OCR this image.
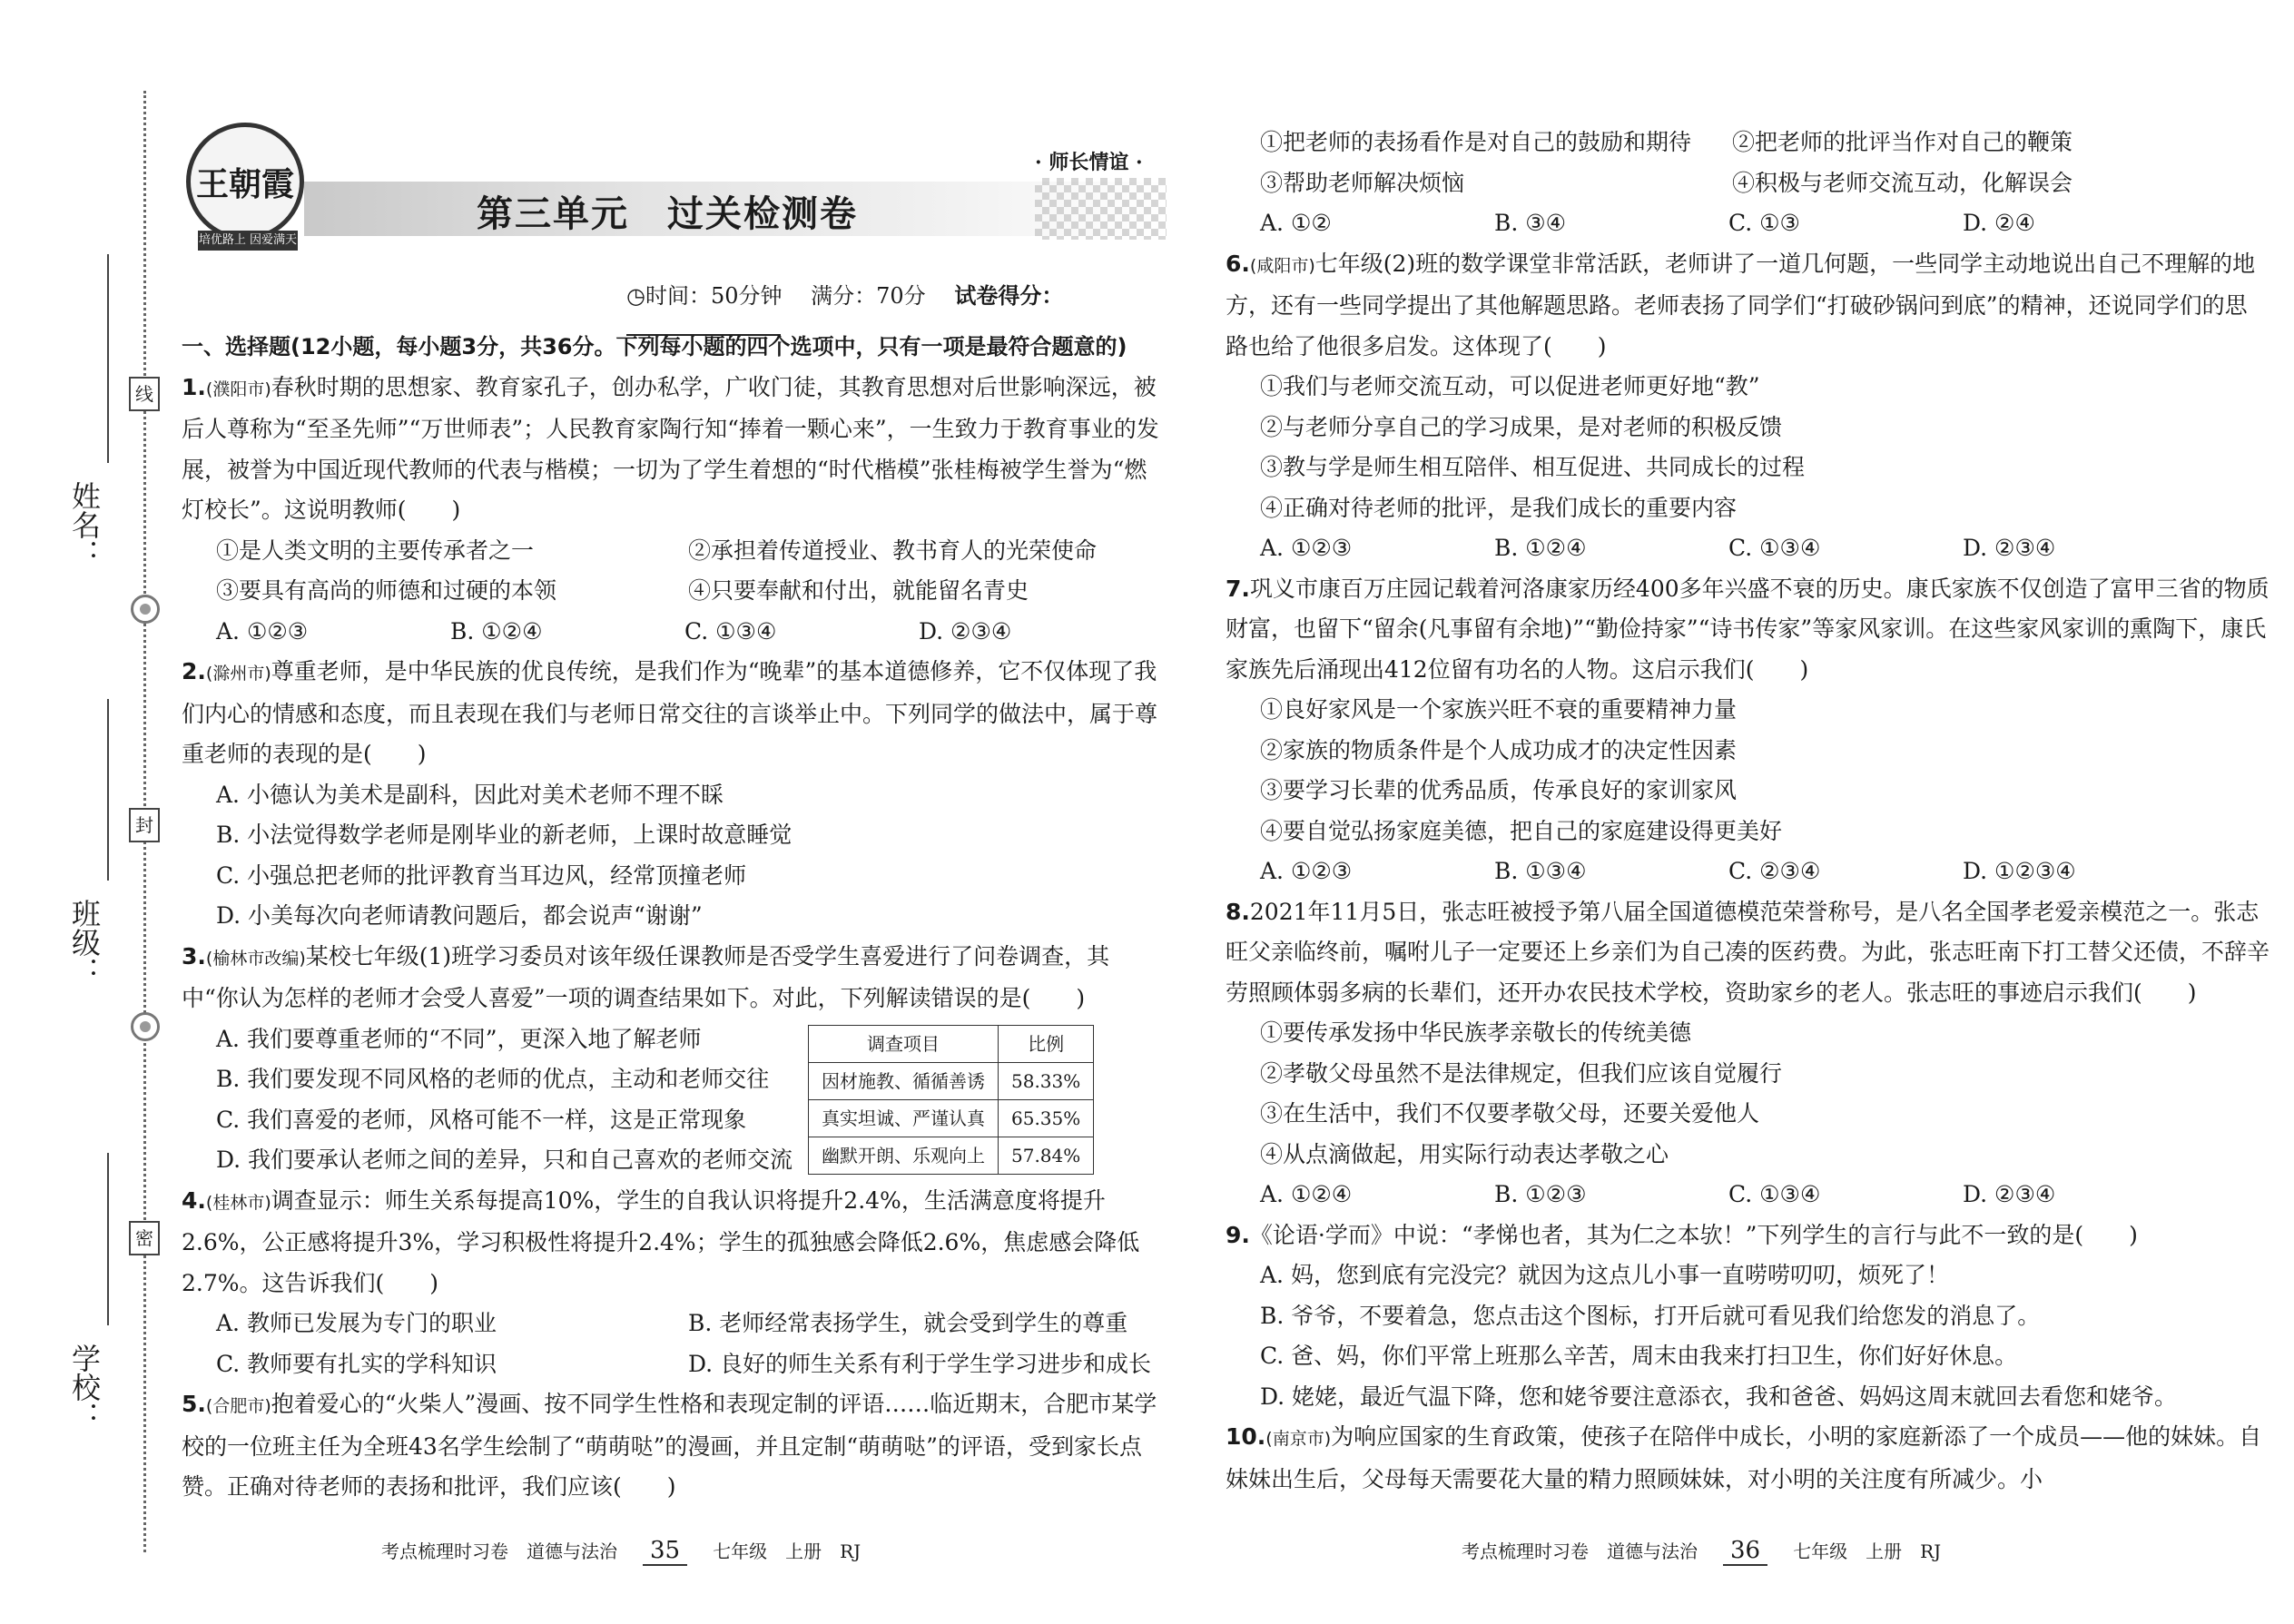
姓名：
班级：
学校：
线
封
密
王朝霞
培优路上 因爱满天
· 师长情谊 ·
第三单元　过关检测卷
◷时间：50分钟　 满分：70分　 试卷得分：

一、选择题(12小题，每小题3分，共36分。下列每小题的四个选项中，只有一项是最符合题意的)

1.(濮阳市)春秋时期的思想家、教育家孔子，创办私学，广收门徒，其教育思想对后世影响深远，被后人尊称为“至圣先师”“万世师表”；人民教育家陶行知“捧着一颗心来”，一生致力于教育事业的发展，被誉为中国近现代教师的代表与楷模；一切为了学生着想的“时代楷模”张桂梅被学生誉为“燃灯校长”。这说明教师(　　)

①是人类文明的主要传承者之一	②承担着传道授业、教书育人的光荣使命
③要具有高尚的师德和过硬的本领	④只要奉献和付出，就能留名青史
A. ①②③	B. ①②④	C. ①③④	D. ②③④

2.(滁州市)尊重老师，是中华民族的优良传统，是我们作为“晚辈”的基本道德修养，它不仅体现了我们内心的情感和态度，而且表现在我们与老师日常交往的言谈举止中。下列同学的做法中，属于尊重老师的表现的是(　　)

A. 小德认为美术是副科，因此对美术老师不理不睬

B. 小法觉得数学老师是刚毕业的新老师，上课时故意睡觉

C. 小强总把老师的批评教育当耳边风，经常顶撞老师

D. 小美每次向老师请教问题后，都会说声“谢谢”

3.(榆林市改编)某校七年级(1)班学习委员对该年级任课教师是否受学生喜爱进行了问卷调查，其中“你认为怎样的老师才会受人喜爱”一项的调查结果如下。对此，下列解读错误的是(　　)

A. 我们要尊重老师的“不同”，更深入地了解老师

B. 我们要发现不同风格的老师的优点，主动和老师交往

C. 我们喜爱的老师，风格可能不一样，这是正常现象

D. 我们要承认老师之间的差异，只和自己喜欢的老师交流

调查项目	比例
因材施教、循循善诱	58.33%
真实坦诚、严谨认真	65.35%
幽默开朗、乐观向上	57.84%

4.(桂林市)调查显示：师生关系每提高10%，学生的自我认识将提升2.4%，生活满意度将提升2.6%，公正感将提升3%，学习积极性将提升2.4%；学生的孤独感会降低2.6%，焦虑感会降低2.7%。这告诉我们(　　)

A. 教师已发展为专门的职业	B. 老师经常表扬学生，就会受到学生的尊重
C. 教师要有扎实的学科知识	D. 良好的师生关系有利于学生学习进步和成长

5.(合肥市)抱着爱心的“火柴人”漫画、按不同学生性格和表现定制的评语……临近期末，合肥市某学校的一位班主任为全班43名学生绘制了“萌萌哒”的漫画，并且定制“萌萌哒”的评语，受到家长点赞。正确对待老师的表扬和批评，我们应该(　　)

考点梳理时习卷　道德与法治 35 七年级　上册　RJ
①把老师的表扬看作是对自己的鼓励和期待	②把老师的批评当作对自己的鞭策
③帮助老师解决烦恼	④积极与老师交流互动，化解误会
A. ①②	B. ③④	C. ①③	D. ②④

6.(咸阳市)七年级(2)班的数学课堂非常活跃，老师讲了一道几何题，一些同学主动地说出自己不理解的地方，还有一些同学提出了其他解题思路。老师表扬了同学们“打破砂锅问到底”的精神，还说同学们的思路也给了他很多启发。这体现了(　　)

①我们与老师交流互动，可以促进老师更好地“教”

②与老师分享自己的学习成果，是对老师的积极反馈

③教与学是师生相互陪伴、相互促进、共同成长的过程

④正确对待老师的批评，是我们成长的重要内容

A. ①②③	B. ①②④	C. ①③④	D. ②③④

7.巩义市康百万庄园记载着河洛康家历经400多年兴盛不衰的历史。康氏家族不仅创造了富甲三省的物质财富，也留下“留余(凡事留有余地)”“勤俭持家”“诗书传家”等家风家训。在这些家风家训的熏陶下，康氏家族先后涌现出412位留有功名的人物。这启示我们(　　)

①良好家风是一个家族兴旺不衰的重要精神力量

②家族的物质条件是个人成功成才的决定性因素

③要学习长辈的优秀品质，传承良好的家训家风

④要自觉弘扬家庭美德，把自己的家庭建设得更美好

A. ①②③	B. ①③④	C. ②③④	D. ①②③④

8.2021年11月5日，张志旺被授予第八届全国道德模范荣誉称号，是八名全国孝老爱亲模范之一。张志旺父亲临终前，嘱咐儿子一定要还上乡亲们为自己凑的医药费。为此，张志旺南下打工替父还债，不辞辛劳照顾体弱多病的长辈们，还开办农民技术学校，资助家乡的老人。张志旺的事迹启示我们(　　)

①要传承发扬中华民族孝亲敬长的传统美德

②孝敬父母虽然不是法律规定，但我们应该自觉履行

③在生活中，我们不仅要孝敬父母，还要关爱他人

④从点滴做起，用实际行动表达孝敬之心

A. ①②④	B. ①②③	C. ①③④	D. ②③④

9.《论语·学而》中说：“孝悌也者，其为仁之本欤！”下列学生的言行与此不一致的是(　　)

A. 妈，您到底有完没完？就因为这点儿小事一直唠唠叨叨，烦死了！

B. 爷爷，不要着急，您点击这个图标，打开后就可看见我们给您发的消息了。

C. 爸、妈，你们平常上班那么辛苦，周末由我来打扫卫生，你们好好休息。

D. 姥姥，最近气温下降，您和姥爷要注意添衣，我和爸爸、妈妈这周末就回去看您和姥爷。

10.(南京市)为响应国家的生育政策，使孩子在陪伴中成长，小明的家庭新添了一个成员——他的妹妹。自妹妹出生后，父母每天需要花大量的精力照顾妹妹，对小明的关注度有所减少。小

考点梳理时习卷　道德与法治 36 七年级　上册　RJ
